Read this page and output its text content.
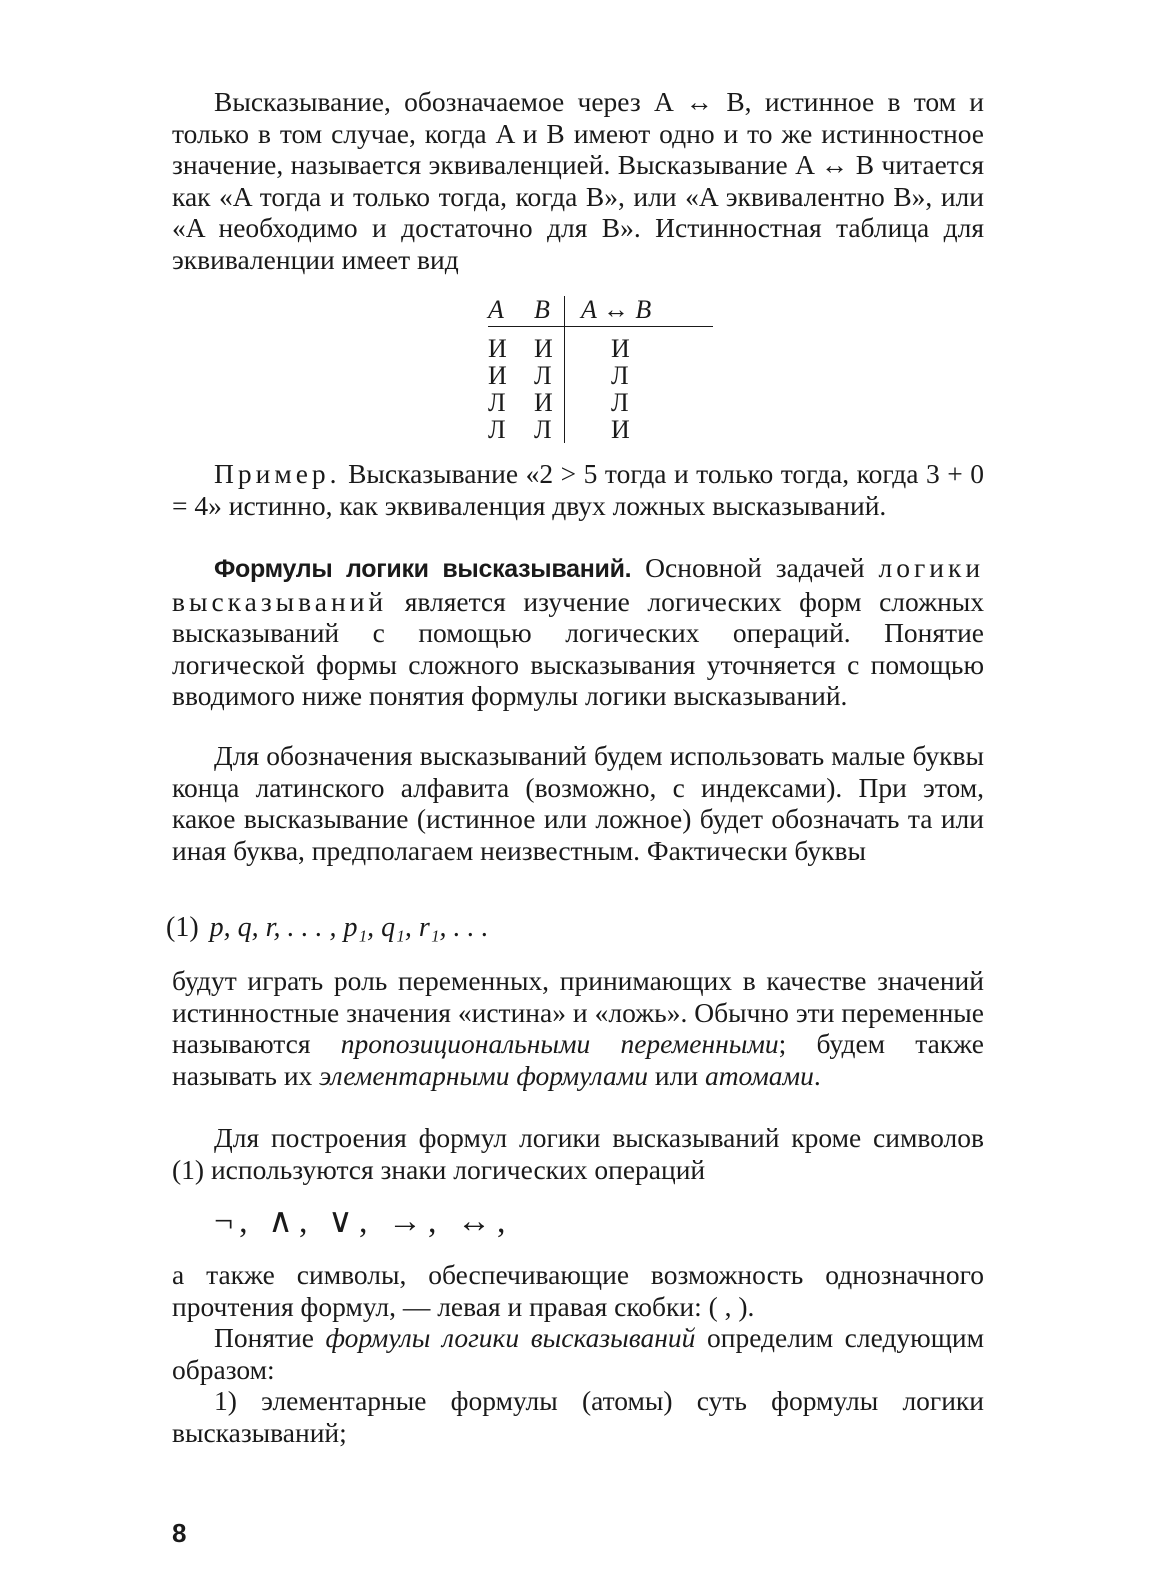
Высказывание, обозначаемое через A ↔ B, истинное в том и только в том случае, когда A и B имеют одно и то же истинностное значение, называется эквиваленцией. Высказывание A ↔ B читается как «A тогда и только тогда, когда B», или «A эквивалентно B», или «A необходимо и достаточно для B». Истинностная таблица для эквиваленции имеет вид

A	B	A ↔ B
И	И	И
И	Л	Л
Л	И	Л
Л	Л	И

Пример. Высказывание «2 > 5 тогда и только тогда, когда 3 + 0 = 4» истинно, как эквиваленция двух ложных высказываний.

Формулы логики высказываний. Основной задачей логики высказываний является изучение логических форм сложных высказываний с помощью логических операций. Понятие логической формы сложного высказывания уточняется с помощью вводимого ниже понятия формулы логики высказываний.

Для обозначения высказываний будем использовать малые буквы конца латинского алфавита (возможно, с индексами). При этом, какое высказывание (истинное или ложное) будет обозначать та или иная буква, предполагаем неизвестным. Фактически буквы

(1) p, q, r, . . . , p₁, q₁, r₁, . . .

будут играть роль переменных, принимающих в качестве значений истинностные значения «истина» и «ложь». Обычно эти переменные называются пропозициональными переменными; будем также называть их элементарными формулами или атомами.

Для построения формул логики высказываний кроме символов (1) используются знаки логических операций

¬, ∧, ∨, →, ↔,

а также символы, обеспечивающие возможность однозначного прочтения формул, — левая и правая скобки: ( , ).

Понятие формулы логики высказываний определим следующим образом:

1) элементарные формулы (атомы) суть формулы логики высказываний;

8
